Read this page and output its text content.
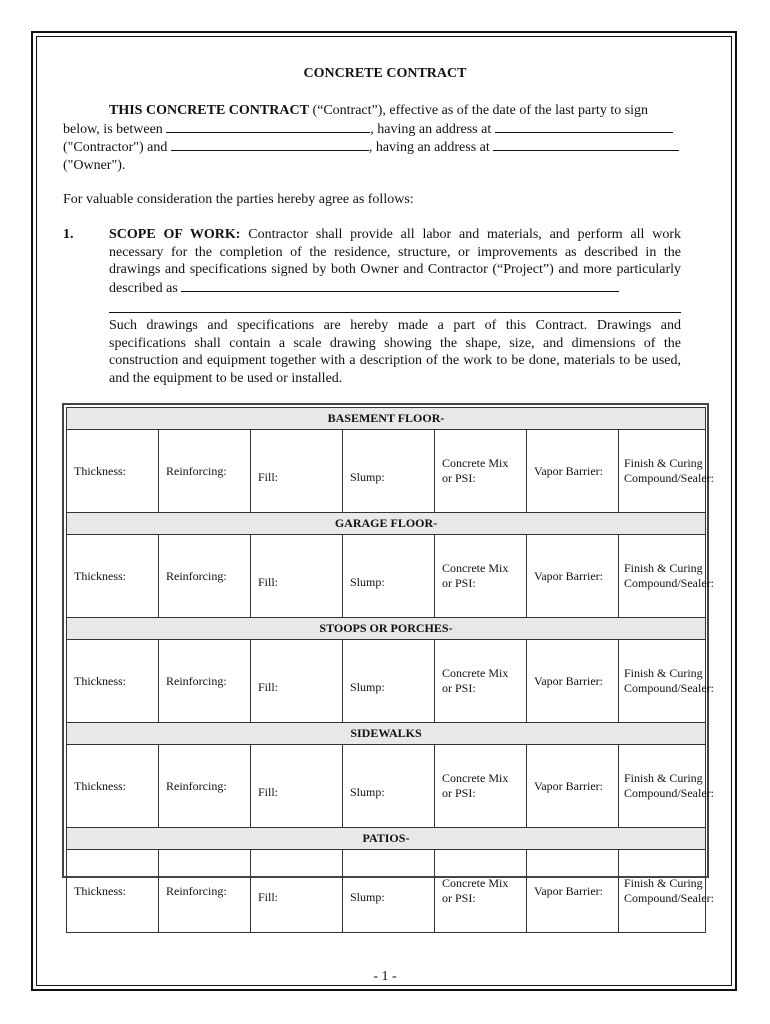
CONCRETE CONTRACT
THIS CONCRETE CONTRACT (“Contract”), effective as of the date of the last party to sign
below, is between	, having an address at
("Contractor") and	, having an address at
("Owner").
For valuable consideration the parties hereby agree as follows:
1.	SCOPE OF WORK: Contractor shall provide all labor and materials, and perform all work necessary for the completion of the residence, structure, or improvements as described in the drawings and specifications signed by both Owner and Contractor (“Project”) and more particularly described as
Such drawings and specifications are hereby made a part of this Contract. Drawings and specifications shall contain a scale drawing showing the shape, size, and dimensions of the construction and equipment together with a description of the work to be done, materials to be used, and the equipment to be used or installed.
BASEMENT FLOOR-						
Thickness:	Reinforcing:	Fill:	Slump:	Concrete Mix or PSI:	Vapor Barrier:	Finish & Curing Compound/Sealer:
GARAGE FLOOR-						
Thickness:	Reinforcing:	Fill:	Slump:	Concrete Mix or PSI:	Vapor Barrier:	Finish & Curing Compound/Sealer:
STOOPS OR PORCHES-						
Thickness:	Reinforcing:	Fill:	Slump:	Concrete Mix or PSI:	Vapor Barrier:	Finish & Curing Compound/Sealer:
SIDEWALKS						
Thickness:	Reinforcing:	Fill:	Slump:	Concrete Mix or PSI:	Vapor Barrier:	Finish & Curing Compound/Sealer:
PATIOS-						
Thickness:	Reinforcing:	Fill:	Slump:	Concrete Mix or PSI:	Vapor Barrier:	Finish & Curing Compound/Sealer:
- 1 -
